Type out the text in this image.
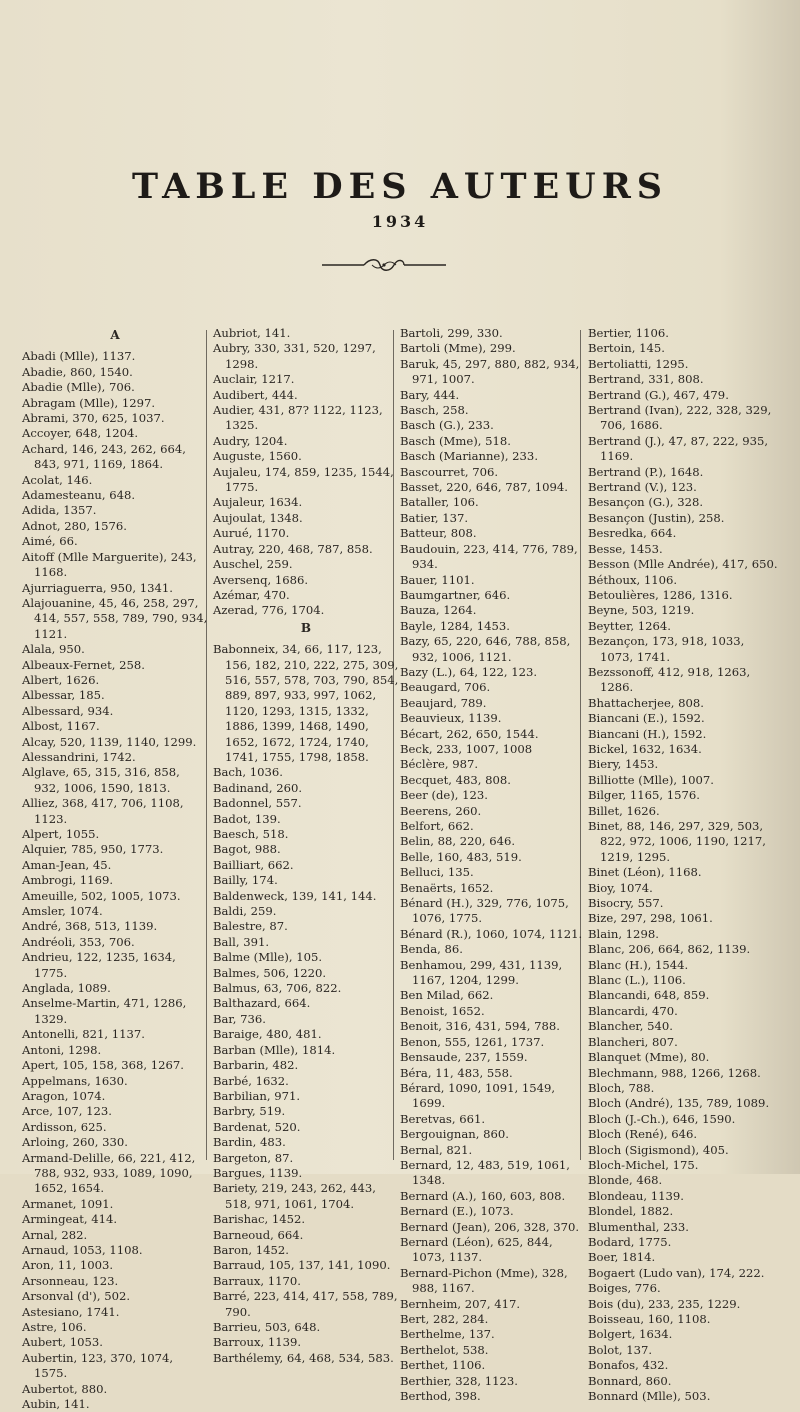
TABLE DES AUTEURS
1934
A
Abadi (Mlle), 1137.
Abadie, 860, 1540.
Abadie (Mlle), 706.
Abragam (Mlle), 1297.
Abrami, 370, 625, 1037.
Accoyer, 648, 1204.
Achard, 146, 243, 262, 664, 843, 971, 1169, 1864.
Acolat, 146.
Adamesteanu, 648.
Adida, 1357.
Adnot, 280, 1576.
Aimé, 66.
Aitoff (Mlle Marguerite), 243, 1168.
Ajurriaguerra, 950, 1341.
Alajouanine, 45, 46, 258, 297, 414, 557, 558, 789, 790, 934, 1121.
Alala, 950.
Albeaux-Fernet, 258.
Albert, 1626.
Albessar, 185.
Albessard, 934.
Albost, 1167.
Alcay, 520, 1139, 1140, 1299.
Alessandrini, 1742.
Alglave, 65, 315, 316, 858, 932, 1006, 1590, 1813.
Alliez, 368, 417, 706, 1108, 1123.
Alpert, 1055.
Alquier, 785, 950, 1773.
Aman-Jean, 45.
Ambrogi, 1169.
Ameuille, 502, 1005, 1073.
Amsler, 1074.
André, 368, 513, 1139.
Andréoli, 353, 706.
Andrieu, 122, 1235, 1634, 1775.
Anglada, 1089.
Anselme-Martin, 471, 1286, 1329.
Antonelli, 821, 1137.
Antoni, 1298.
Apert, 105, 158, 368, 1267.
Appelmans, 1630.
Aragon, 1074.
Arce, 107, 123.
Ardisson, 625.
Arloing, 260, 330.
Armand-Delille, 66, 221, 412, 788, 932, 933, 1089, 1090, 1652, 1654.
Armanet, 1091.
Armingeat, 414.
Arnal, 282.
Arnaud, 1053, 1108.
Aron, 11, 1003.
Arsonneau, 123.
Arsonval (d'), 502.
Astesiano, 1741.
Astre, 106.
Aubert, 1053.
Aubertin, 123, 370, 1074, 1575.
Aubertot, 880.
Aubin, 141.
Aubriot, 141.
Aubry, 330, 331, 520, 1297, 1298.
Auclair, 1217.
Audibert, 444.
Audier, 431, 87? 1122, 1123, 1325.
Audry, 1204.
Auguste, 1560.
Aujaleu, 174, 859, 1235, 1544, 1775.
Aujaleur, 1634.
Aujoulat, 1348.
Aurué, 1170.
Autray, 220, 468, 787, 858.
Auschel, 259.
Aversenq, 1686.
Azémar, 470.
Azerad, 776, 1704.
B
Babonneix, 34, 66, 117, 123, 156, 182, 210, 222, 275, 309, 516, 557, 578, 703, 790, 854, 889, 897, 933, 997, 1062, 1120, 1293, 1315, 1332, 1886, 1399, 1468, 1490, 1652, 1672, 1724, 1740, 1741, 1755, 1798, 1858.
Bach, 1036.
Badinand, 260.
Badonnel, 557.
Badot, 139.
Baesch, 518.
Bagot, 988.
Bailliart, 662.
Bailly, 174.
Baldenweck, 139, 141, 144.
Baldi, 259.
Balestre, 87.
Ball, 391.
Balme (Mlle), 105.
Balmes, 506, 1220.
Balmus, 63, 706, 822.
Balthazard, 664.
Bar, 736.
Baraige, 480, 481.
Barban (Mlle), 1814.
Barbarin, 482.
Barbé, 1632.
Barbilian, 971.
Barbry, 519.
Bardenat, 520.
Bardin, 483.
Bargeton, 87.
Bargues, 1139.
Bariety, 219, 243, 262, 443, 518, 971, 1061, 1704.
Barishac, 1452.
Barneoud, 664.
Baron, 1452.
Barraud, 105, 137, 141, 1090.
Barraux, 1170.
Barré, 223, 414, 417, 558, 789, 790.
Barrieu, 503, 648.
Barroux, 1139.
Barthélemy, 64, 468, 534, 583.
Bartoli, 299, 330.
Bartoli (Mme), 299.
Baruk, 45, 297, 880, 882, 934, 971, 1007.
Bary, 444.
Basch, 258.
Basch (G.), 233.
Basch (Mme), 518.
Basch (Marianne), 233.
Bascourret, 706.
Basset, 220, 646, 787, 1094.
Bataller, 106.
Batier, 137.
Batteur, 808.
Baudouin, 223, 414, 776, 789, 934.
Bauer, 1101.
Baumgartner, 646.
Bauza, 1264.
Bayle, 1284, 1453.
Bazy, 65, 220, 646, 788, 858, 932, 1006, 1121.
Bazy (L.), 64, 122, 123.
Beaugard, 706.
Beaujard, 789.
Beauvieux, 1139.
Bécart, 262, 650, 1544.
Beck, 233, 1007, 1008
Béclère, 987.
Becquet, 483, 808.
Beer (de), 123.
Beerens, 260.
Belfort, 662.
Belin, 88, 220, 646.
Belle, 160, 483, 519.
Belluci, 135.
Benaërts, 1652.
Bénard (H.), 329, 776, 1075, 1076, 1775.
Bénard (R.), 1060, 1074, 1121.
Benda, 86.
Benhamou, 299, 431, 1139, 1167, 1204, 1299.
Ben Milad, 662.
Benoist, 1652.
Benoit, 316, 431, 594, 788.
Benon, 555, 1261, 1737.
Bensaude, 237, 1559.
Béra, 11, 483, 558.
Bérard, 1090, 1091, 1549, 1699.
Beretvas, 661.
Bergouignan, 860.
Bernal, 821.
Bernard, 12, 483, 519, 1061, 1348.
Bernard (A.), 160, 603, 808.
Bernard (E.), 1073.
Bernard (Jean), 206, 328, 370.
Bernard (Léon), 625, 844, 1073, 1137.
Bernard-Pichon (Mme), 328, 988, 1167.
Bernheim, 207, 417.
Bert, 282, 284.
Berthelme, 137.
Berthelot, 538.
Berthet, 1106.
Berthier, 328, 1123.
Berthod, 398.
Bertier, 1106.
Bertoin, 145.
Bertoliatti, 1295.
Bertrand, 331, 808.
Bertrand (G.), 467, 479.
Bertrand (Ivan), 222, 328, 329, 706, 1686.
Bertrand (J.), 47, 87, 222, 935, 1169.
Bertrand (P.), 1648.
Bertrand (V.), 123.
Besançon (G.), 328.
Besançon (Justin), 258.
Besredka, 664.
Besse, 1453.
Besson (Mlle Andrée), 417, 650.
Béthoux, 1106.
Betoulières, 1286, 1316.
Beyne, 503, 1219.
Beytter, 1264.
Bezançon, 173, 918, 1033, 1073, 1741.
Bezssonoff, 412, 918, 1263, 1286.
Bhattacherjee, 808.
Biancani (E.), 1592.
Biancani (H.), 1592.
Bickel, 1632, 1634.
Biery, 1453.
Billiotte (Mlle), 1007.
Bilger, 1165, 1576.
Billet, 1626.
Binet, 88, 146, 297, 329, 503, 822, 972, 1006, 1190, 1217, 1219, 1295.
Binet (Léon), 1168.
Bioy, 1074.
Bisocry, 557.
Bize, 297, 298, 1061.
Blain, 1298.
Blanc, 206, 664, 862, 1139.
Blanc (H.), 1544.
Blanc (L.), 1106.
Blancandi, 648, 859.
Blancardi, 470.
Blancher, 540.
Blancheri, 807.
Blanquet (Mme), 80.
Blechmann, 988, 1266, 1268.
Bloch, 788.
Bloch (André), 135, 789, 1089.
Bloch (J.-Ch.), 646, 1590.
Bloch (René), 646.
Bloch (Sigismond), 405.
Bloch-Michel, 175.
Blonde, 468.
Blondeau, 1139.
Blondel, 1882.
Blumenthal, 233.
Bodard, 1775.
Boer, 1814.
Bogaert (Ludo van), 174, 222.
Boiges, 776.
Bois (du), 233, 235, 1229.
Boisseau, 160, 1108.
Bolgert, 1634.
Bolot, 137.
Bonafos, 432.
Bonnard, 860.
Bonnard (Mlle), 503.
